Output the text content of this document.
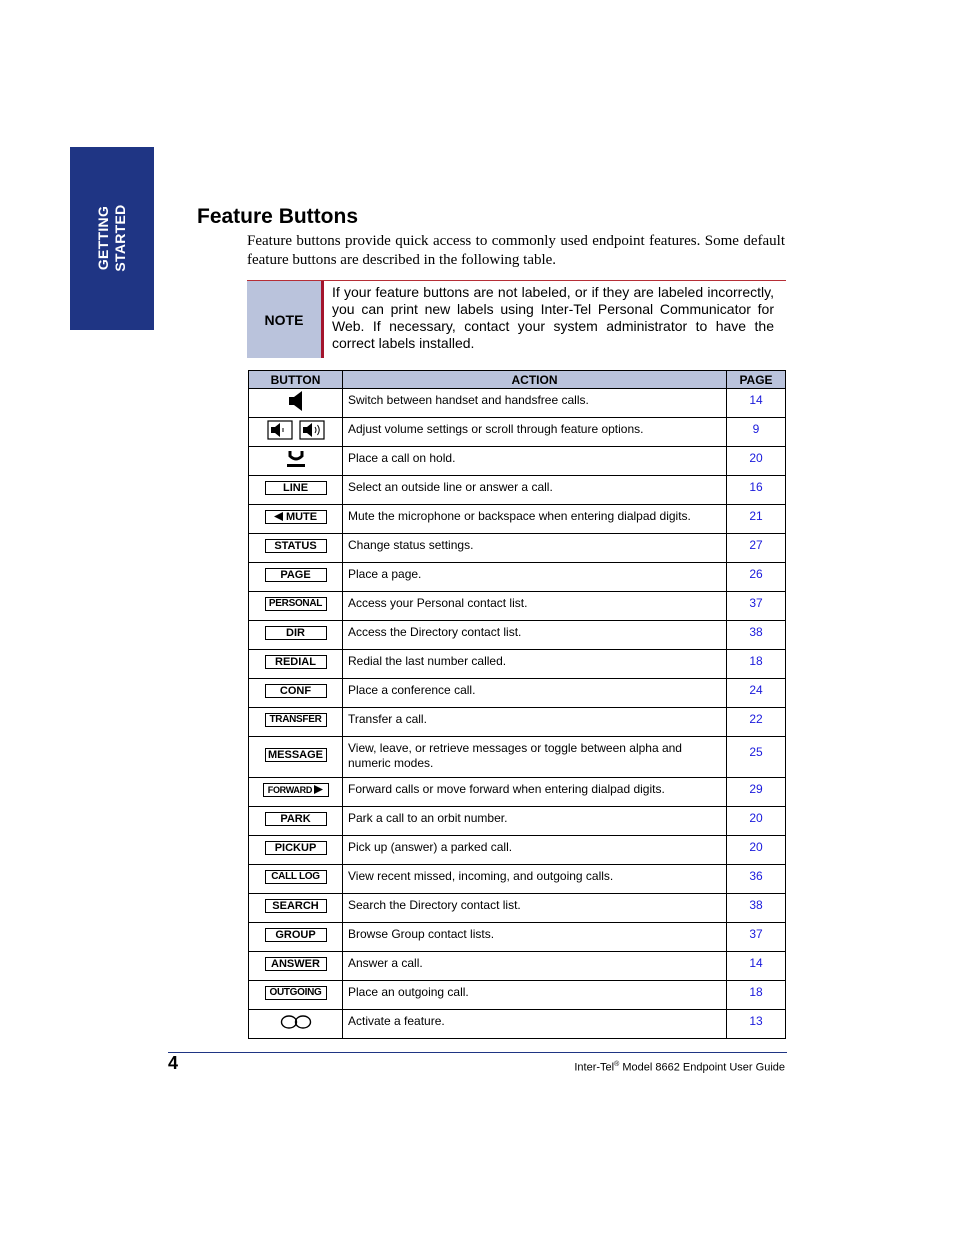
GETTING STARTED	Feature Buttons

Feature buttons provide quick access to commonly used endpoint features. Some default feature buttons are described in the following table.

NOTE

If your feature buttons are not labeled, or if they are labeled incorrectly, you can print new labels using Inter-Tel Personal Communicator for Web. If necessary, contact your system administrator to have the correct labels installed.

BUTTON	ACTION	PAGE
	Switch between handset and handsfree calls.	14
	Adjust volume settings or scroll through feature options.	9
	Place a call on hold.	20
LINE	Select an outside line or answer a call.	16
MUTE	Mute the microphone or backspace when entering dialpad digits.	21
STATUS	Change status settings.	27
PAGE	Place a page.	26
PERSONAL	Access your Personal contact list.	37
DIR	Access the Directory contact list.	38
REDIAL	Redial the last number called.	18
CONF	Place a conference call.	24
TRANSFER	Transfer a call.	22
MESSAGE	View, leave, or retrieve messages or toggle between alpha and numeric modes.	25
FORWARD	Forward calls or move forward when entering dialpad digits.	29
PARK	Park a call to an orbit number.	20
PICKUP	Pick up (answer) a parked call.	20
CALL LOG	View recent missed, incoming, and outgoing calls.	36
SEARCH	Search the Directory contact list.	38
GROUP	Browse Group contact lists.	37
ANSWER	Answer a call.	14
OUTGOING	Place an outgoing call.	18
	Activate a feature.	13
4	Inter-Tel® Model 8662 Endpoint User Guide
